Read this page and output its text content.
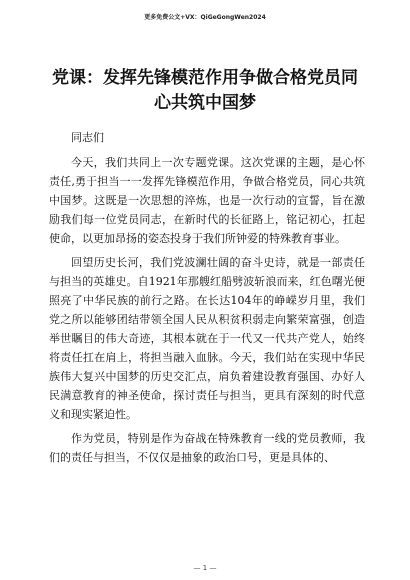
更多免费公文+VX：QiGeGongWen2024
党课：发挥先锋模范作用争做合格党员同心共筑中国梦

同志们

今天，我们共同上一次专题党课。这次党课的主题，是心怀责任,勇于担当一一发挥先锋模范作用，争做合格党员，同心共筑中国梦。这既是一次思想的淬炼，也是一次行动的宣誓，旨在激励我们每一位党员同志，在新时代的长征路上，铭记初心，扛起使命，以更加昂扬的姿态投身于我们所钟爱的特殊教育事业。

回望历史长河，我们党波澜壮阔的奋斗史诗，就是一部责任与担当的英雄史。自1921年那艘红船劈波斩浪而来，红色曙光便照亮了中华民族的前行之路。在长达104年的峥嵘岁月里，我们党之所以能够团结带领全国人民从积贫积弱走向繁荣富强，创造举世瞩目的伟大奇迹，其根本就在于一代又一代共产党人，始终将责任扛在肩上，将担当融入血脉。今天，我们站在实现中华民族伟大复兴中国梦的历史交汇点，肩负着建设教育强国、办好人民满意教育的神圣使命，探讨责任与担当，更具有深刻的时代意义和现实紧迫性。

作为党员，特别是作为奋战在特殊教育一线的党员教师，我们的责任与担当，不仅仅是抽象的政治口号，更是具体的、

— 1 —
